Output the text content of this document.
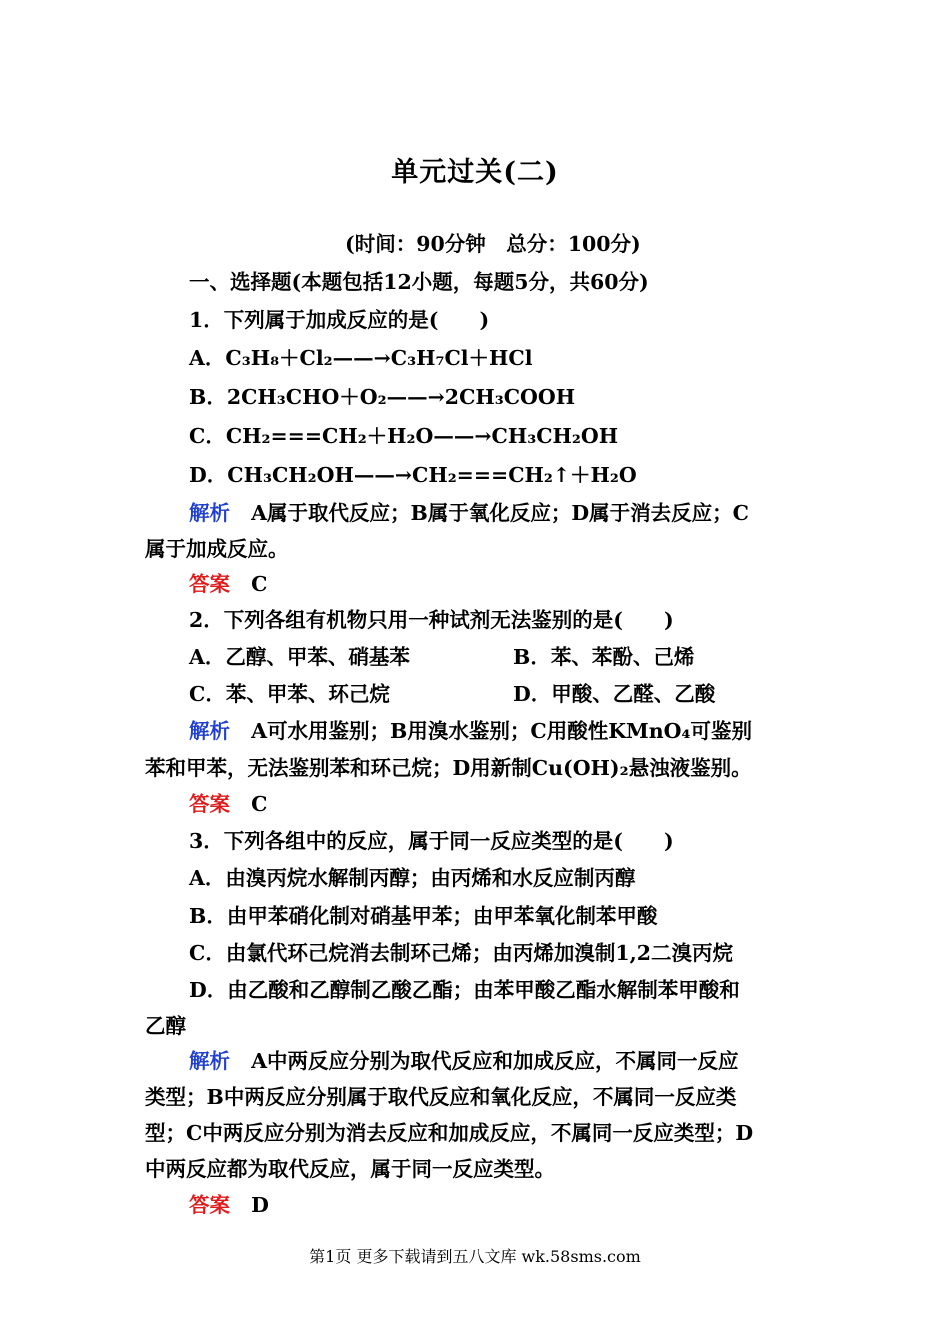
单元过关(二)
(时间：90分钟　总分：100分)
一、选择题(本题包括12小题，每题5分，共60分)
1．下列属于加成反应的是(　　)
A．C₃H₈＋Cl₂——→C₃H₇Cl＋HCl
B．2CH₃CHO＋O₂——→2CH₃COOH
C．CH₂===CH₂＋H₂O——→CH₃CH₂OH
D．CH₃CH₂OH——→CH₂===CH₂↑＋H₂O
解析 A属于取代反应；B属于氧化反应；D属于消去反应；C
属于加成反应。
答案 C
2．下列各组有机物只用一种试剂无法鉴别的是(　　)
A．乙醇、甲苯、硝基苯	B．苯、苯酚、己烯
C．苯、甲苯、环己烷	D．甲酸、乙醛、乙酸
解析 A可水用鉴别；B用溴水鉴别；C用酸性KMnO₄可鉴别
苯和甲苯，无法鉴别苯和环己烷；D用新制Cu(OH)₂悬浊液鉴别。
答案 C
3．下列各组中的反应，属于同一反应类型的是(　　)
A．由溴丙烷水解制丙醇；由丙烯和水反应制丙醇
B．由甲苯硝化制对硝基甲苯；由甲苯氧化制苯甲酸
C．由氯代环己烷消去制环己烯；由丙烯加溴制1,2二溴丙烷
D．由乙酸和乙醇制乙酸乙酯；由苯甲酸乙酯水解制苯甲酸和
乙醇
解析 A中两反应分别为取代反应和加成反应，不属同一反应
类型；B中两反应分别属于取代反应和氧化反应，不属同一反应类
型；C中两反应分别为消去反应和加成反应，不属同一反应类型；D
中两反应都为取代反应，属于同一反应类型。
答案 D
第1页 更多下载请到五八文库 wk.58sms.com
